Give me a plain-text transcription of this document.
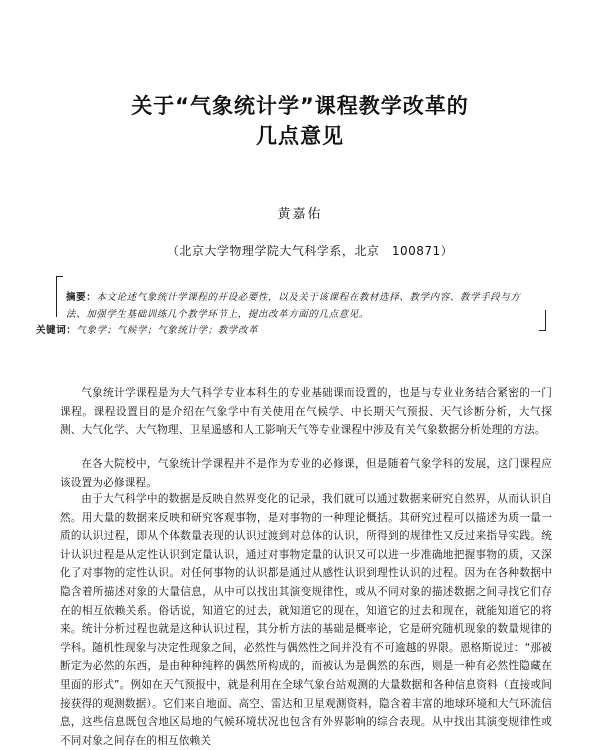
关于“气象统计学”课程教学改革的
几点意见
黄嘉佑
（北京大学物理学院大气科学系，北京　100871）
摘要：本文论述气象统计学课程的开设必要性，以及关于该课程在教材选择、教学内容、教学手段与方法、加强学生基础训练几个教学环节上，提出改革方面的几点意见。
关键词：气象学；气候学；气象统计学；教学改革

气象统计学课程是为大气科学专业本科生的专业基础课而设置的，也是与专业业务结合紧密的一门课程。课程设置目的是介绍在气象学中有关使用在气候学、中长期天气预报、天气诊断分析，大气探测、大气化学、大气物理、卫星遥感和人工影响天气等专业课程中涉及有关气象数据分析处理的方法。

在各大院校中，气象统计学课程并不是作为专业的必修课，但是随着气象学科的发展，这门课程应该设置为必修课程。

由于大气科学中的数据是反映自然界变化的记录，我们就可以通过数据来研究自然界，从而认识自然。用大量的数据来反映和研究客观事物，是对事物的一种理论概括。其研究过程可以描述为质一量一质的认识过程，即从个体数量表现的认识过渡到对总体的认识，所得到的规律性又反过来指导实践。统计认识过程是从定性认识到定量认识，通过对事物定量的认识又可以进一步准确地把握事物的质，又深化了对事物的定性认识。对任何事物的认识都是通过从感性认识到理性认识的过程。因为在各种数据中隐含着所描述对象的大量信息，从中可以找出其演变规律性，或从不同对象的描述数据之间寻找它们存在的相互依赖关系。俗话说，知道它的过去，就知道它的现在，知道它的过去和现在，就能知道它的将来。统计分析过程也就是这种认识过程，其分析方法的基础是概率论，它是研究随机现象的数量规律的学科。随机性现象与决定性现象之间，必然性与偶然性之间并没有不可逾越的界限。恩格斯说过：“那被断定为必然的东西，是由种种纯粹的偶然所构成的，而被认为是偶然的东西，则是一种有必然性隐藏在里面的形式”。例如在天气预报中，就是利用在全球气象台站观测的大量数据和各种信息资料（直接或间接获得的观测数据）。它们来自地面、高空、雷达和卫星观测资料，隐含着丰富的地球环境和大气环流信息，这些信息既包含地区局地的气候环境状况也包含有外界影响的综合表现。从中找出其演变规律性或不同对象之间存在的相互依赖关
